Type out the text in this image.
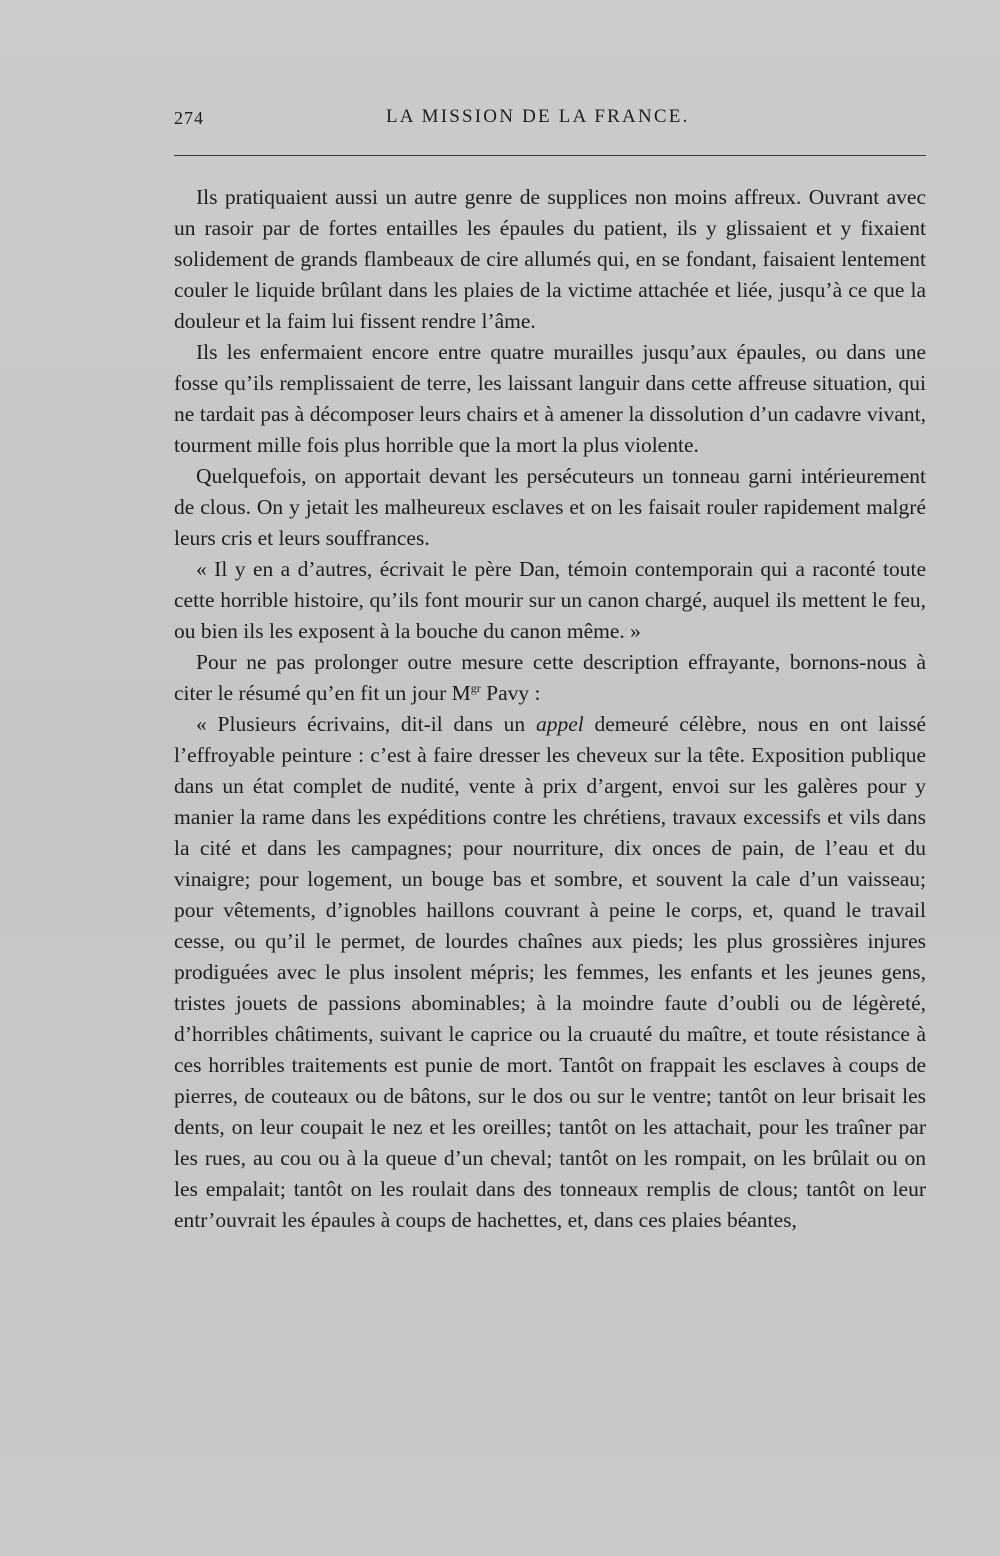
274	LA MISSION DE LA FRANCE.

Ils pratiquaient aussi un autre genre de supplices non moins affreux. Ouvrant avec un rasoir par de fortes entailles les épaules du patient, ils y glissaient et y fixaient solidement de grands flambeaux de cire allumés qui, en se fondant, faisaient lentement couler le liquide brûlant dans les plaies de la victime attachée et liée, jusqu’à ce que la douleur et la faim lui fissent rendre l’âme.

Ils les enfermaient encore entre quatre murailles jusqu’aux épaules, ou dans une fosse qu’ils remplissaient de terre, les laissant languir dans cette affreuse situation, qui ne tardait pas à décomposer leurs chairs et à amener la dissolution d’un cadavre vivant, tourment mille fois plus horrible que la mort la plus violente.

Quelquefois, on apportait devant les persécuteurs un tonneau garni intérieurement de clous. On y jetait les malheureux esclaves et on les faisait rouler rapidement malgré leurs cris et leurs souffrances.

« Il y en a d’autres, écrivait le père Dan, témoin contemporain qui a raconté toute cette horrible histoire, qu’ils font mourir sur un canon chargé, auquel ils mettent le feu, ou bien ils les exposent à la bouche du canon même. »

Pour ne pas prolonger outre mesure cette description effrayante, bornons-nous à citer le résumé qu’en fit un jour $M^{gr}$ Pavy :

« Plusieurs écrivains, dit-il dans un appel demeuré célèbre, nous en ont laissé l’effroyable peinture : c’est à faire dresser les cheveux sur la tête. Exposition publique dans un état complet de nudité, vente à prix d’argent, envoi sur les galères pour y manier la rame dans les expéditions contre les chrétiens, travaux excessifs et vils dans la cité et dans les campagnes; pour nourriture, dix onces de pain, de l’eau et du vinaigre; pour logement, un bouge bas et sombre, et souvent la cale d’un vaisseau; pour vêtements, d’ignobles haillons couvrant à peine le corps, et, quand le travail cesse, ou qu’il le permet, de lourdes chaînes aux pieds; les plus grossières injures prodiguées avec le plus insolent mépris; les femmes, les enfants et les jeunes gens, tristes jouets de passions abominables; à la moindre faute d’oubli ou de légèreté, d’horribles châtiments, suivant le caprice ou la cruauté du maître, et toute résistance à ces horribles traitements est punie de mort. Tantôt on frappait les esclaves à coups de pierres, de couteaux ou de bâtons, sur le dos ou sur le ventre; tantôt on leur brisait les dents, on leur coupait le nez et les oreilles; tantôt on les attachait, pour les traîner par les rues, au cou ou à la queue d’un cheval; tantôt on les rompait, on les brûlait ou on les empalait; tantôt on les roulait dans des tonneaux remplis de clous; tantôt on leur entr’ouvrait les épaules à coups de hachettes, et, dans ces plaies béantes,
